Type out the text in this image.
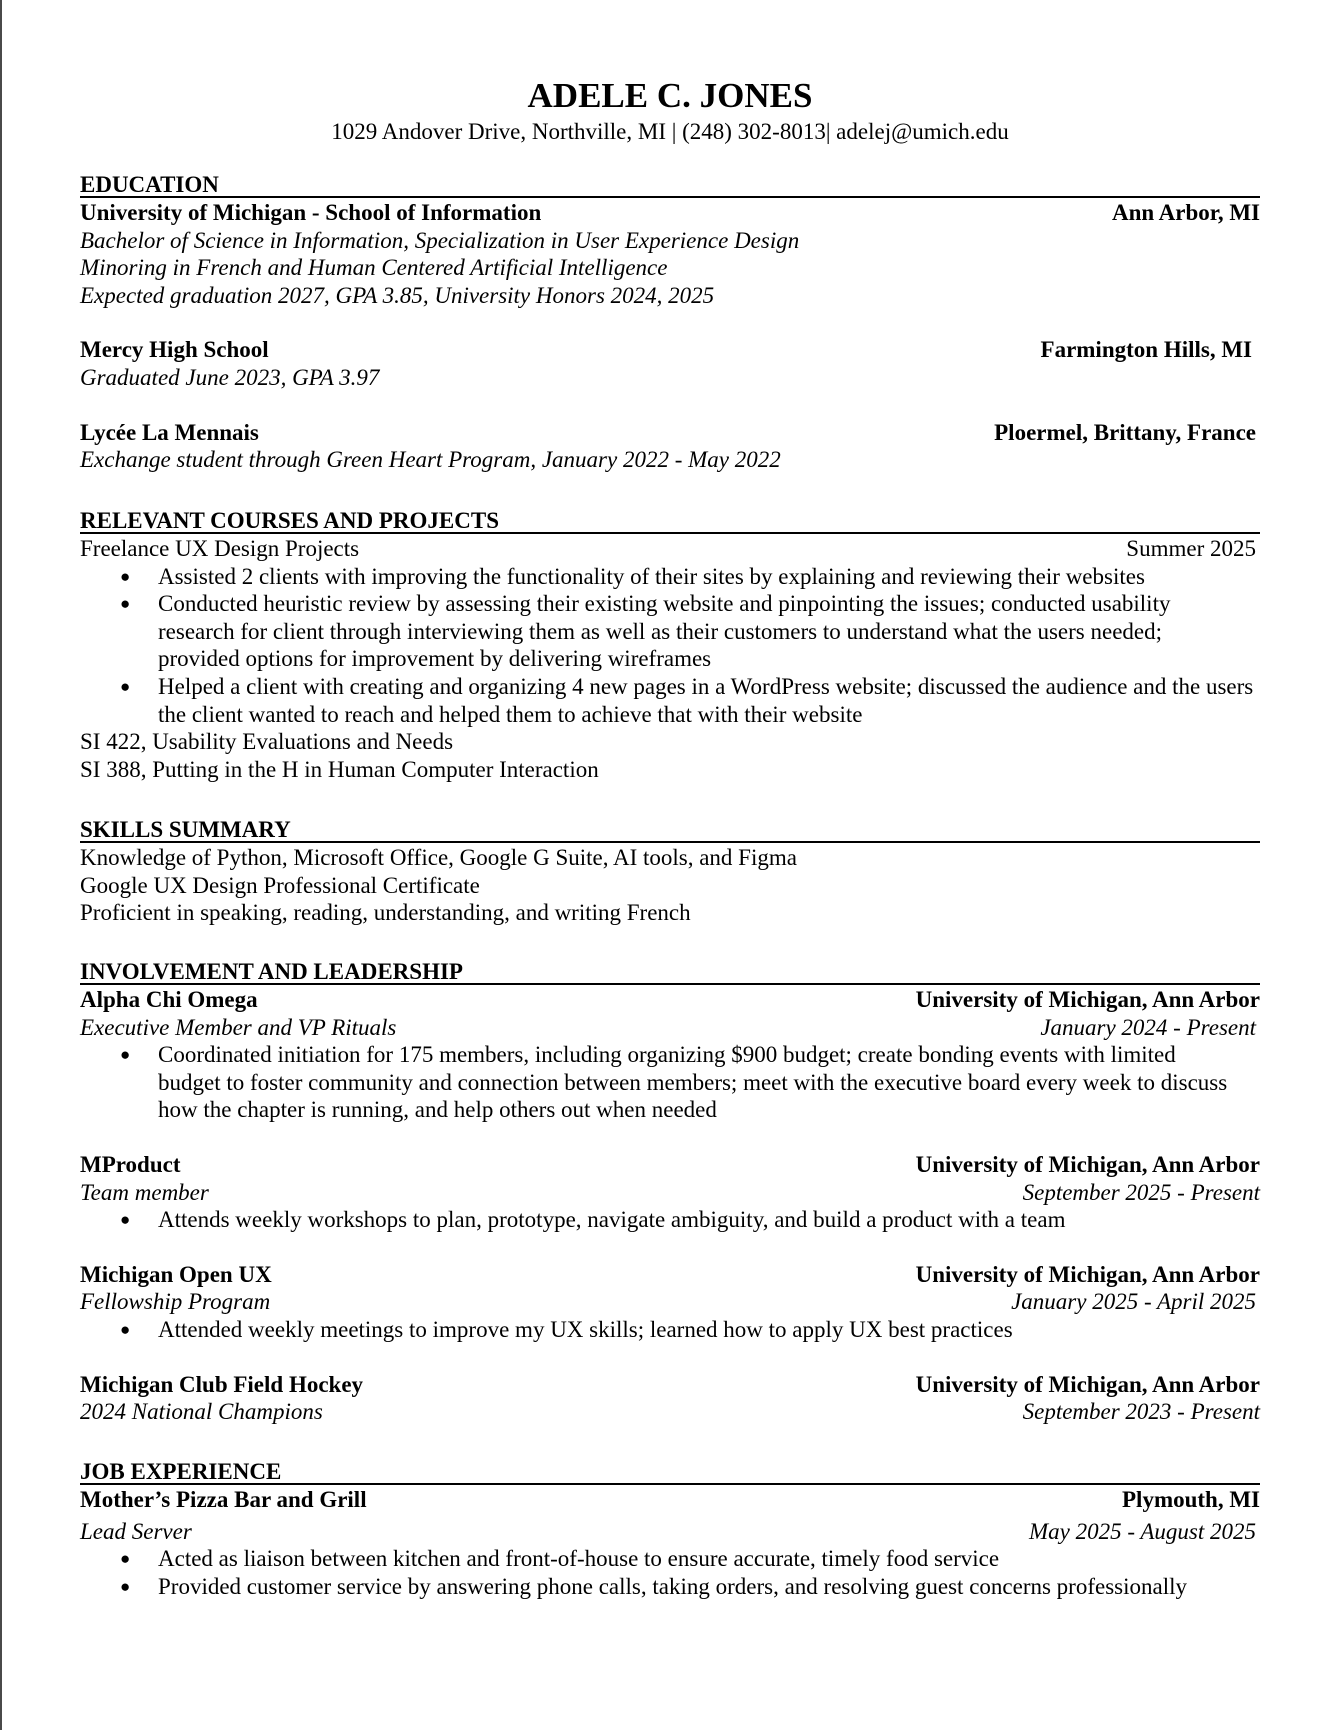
ADELE C. JONES
1029 Andover Drive, Northville, MI | (248) 302-8013| adelej@umich.edu
EDUCATION
University of Michigan - School of Information	Ann Arbor, MI
Bachelor of Science in Information, Specialization in User Experience Design
Minoring in French and Human Centered Artificial Intelligence
Expected graduation 2027, GPA 3.85, University Honors 2024, 2025
Mercy High School	Farmington Hills, MI
Graduated June 2023, GPA 3.97
Lycée La Mennais	Ploermel, Brittany, France
Exchange student through Green Heart Program, January 2022 - May 2022
RELEVANT COURSES AND PROJECTS
Freelance UX Design Projects	Summer 2025
● Assisted 2 clients with improving the functionality of their sites by explaining and reviewing their websites
● Conducted heuristic review by assessing their existing website and pinpointing the issues; conducted usability research for client through interviewing them as well as their customers to understand what the users needed; provided options for improvement by delivering wireframes
● Helped a client with creating and organizing 4 new pages in a WordPress website; discussed the audience and the users the client wanted to reach and helped them to achieve that with their website
SI 422, Usability Evaluations and Needs
SI 388, Putting in the H in Human Computer Interaction
SKILLS SUMMARY
Knowledge of Python, Microsoft Office, Google G Suite, AI tools, and Figma
Google UX Design Professional Certificate
Proficient in speaking, reading, understanding, and writing French
INVOLVEMENT AND LEADERSHIP
Alpha Chi Omega	University of Michigan, Ann Arbor
Executive Member and VP Rituals	January 2024 - Present
● Coordinated initiation for 175 members, including organizing $900 budget; create bonding events with limited budget to foster community and connection between members; meet with the executive board every week to discuss how the chapter is running, and help others out when needed
MProduct	University of Michigan, Ann Arbor
Team member	September 2025 - Present
● Attends weekly workshops to plan, prototype, navigate ambiguity, and build a product with a team
Michigan Open UX	University of Michigan, Ann Arbor
Fellowship Program	January 2025 - April 2025
● Attended weekly meetings to improve my UX skills; learned how to apply UX best practices
Michigan Club Field Hockey	University of Michigan, Ann Arbor
2024 National Champions	September 2023 - Present
JOB EXPERIENCE
Mother’s Pizza Bar and Grill	Plymouth, MI
Lead Server	May 2025 - August 2025
● Acted as liaison between kitchen and front-of-house to ensure accurate, timely food service
● Provided customer service by answering phone calls, taking orders, and resolving guest concerns professionally
